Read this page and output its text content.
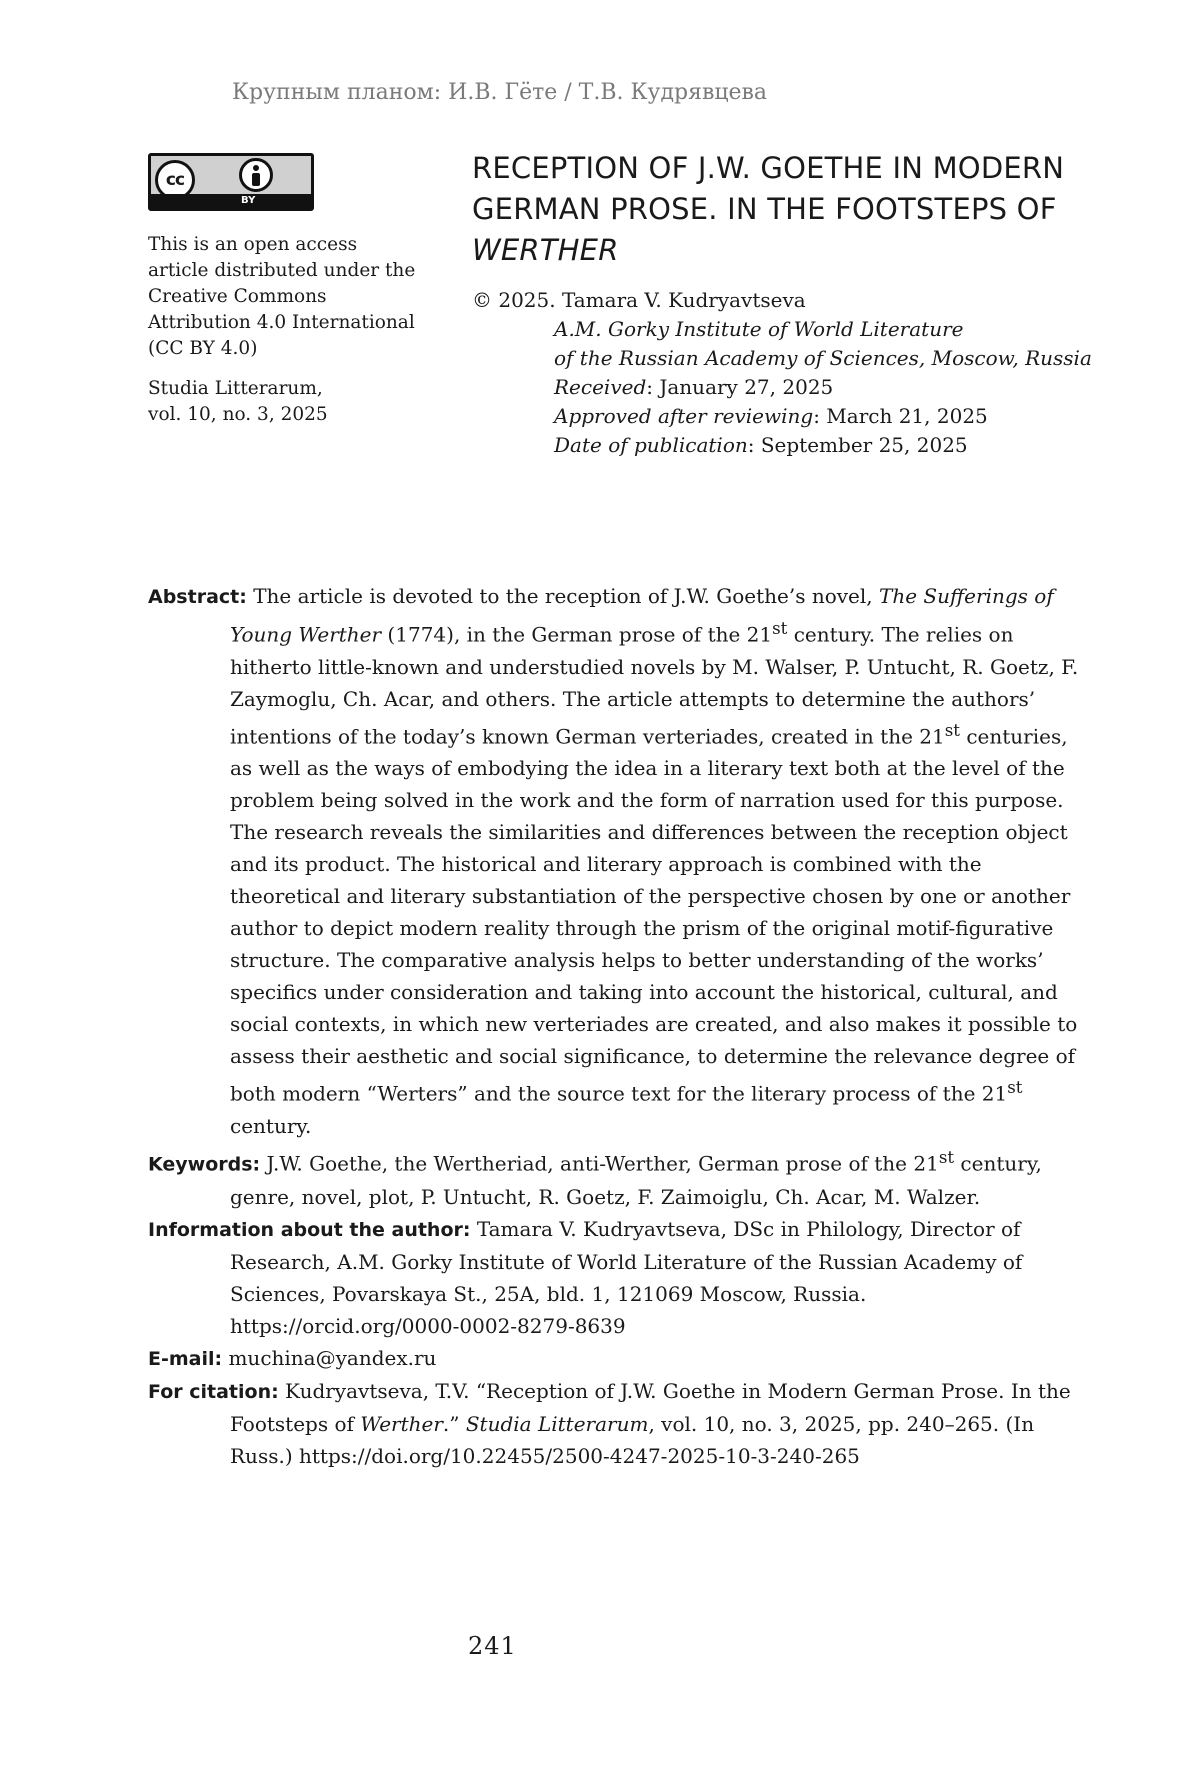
Крупным планом: И.В. Гёте / Т.В. Кудрявцева
cc
BY

This is an open access article distributed under the Creative Commons Attribution 4.0 International (CC BY 4.0)

Studia Litterarum,

vol. 10, no. 3, 2025

RECEPTION OF J.W. GOETHE IN MODERN GERMAN PROSE. IN THE FOOTSTEPS OF WERTHER

© 2025. Tamara V. Kudryavtseva

A.M. Gorky Institute of World Literature

of the Russian Academy of Sciences, Moscow, Russia

Received: January 27, 2025

Approved after reviewing: March 21, 2025

Date of publication: September 25, 2025

Abstract: The article is devoted to the reception of J.W. Goethe’s novel, The Sufferings of Young Werther (1774), in the German prose of the 21st century. The relies on hitherto little-known and understudied novels by M. Walser, P. Untucht, R. Goetz, F. Zaymoglu, Ch. Acar, and others. The article attempts to determine the authors’ intentions of the today’s known German verteriades, created in the 21st centuries, as well as the ways of embodying the idea in a literary text both at the level of the problem being solved in the work and the form of narration used for this purpose. The research reveals the similarities and differences between the reception object and its product. The historical and literary approach is combined with the theoretical and literary substantiation of the perspective chosen by one or another author to depict modern reality through the prism of the original motif-figurative structure. The comparative analysis helps to better understanding of the works’ specifics under consideration and taking into account the historical, cultural, and social contexts, in which new verteriades are created, and also makes it possible to assess their aesthetic and social significance, to determine the relevance degree of both modern “Werters” and the source text for the literary process of the 21st century.

Keywords: J.W. Goethe, the Wertheriad, anti-Werther, German prose of the 21st century, genre, novel, plot, P. Untucht, R. Goetz, F. Zaimoiglu, Ch. Acar, M. Walzer.

Information about the author: Tamara V. Kudryavtseva, DSc in Philology, Director of Research, A.M. Gorky Institute of World Literature of the Russian Academy of Sciences, Povarskaya St., 25A, bld. 1, 121069 Moscow, Russia. https://orcid.org/0000-0002-8279-8639

E-mail: muchina@yandex.ru

For citation: Kudryavtseva, T.V. “Reception of J.W. Goethe in Modern German Prose. In the Footsteps of Werther.” Studia Litterarum, vol. 10, no. 3, 2025, pp. 240–265. (In Russ.) https://doi.org/10.22455/2500-4247-2025-10-3-240-265

241
